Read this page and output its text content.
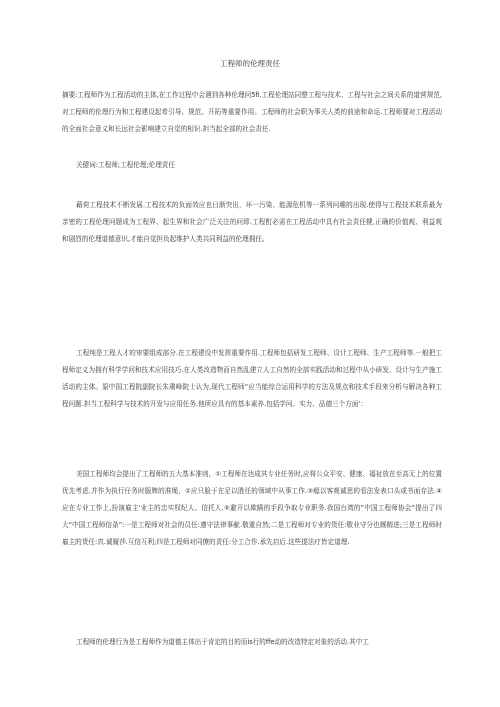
工程师的伦理责任

摘要:工程师作为工程活动的主体,在工作过程中会遇到各种伦理问5fi.工程伦理站同整工程与技术、工程与社会之间关系的道营规范,对工程师的伦理行为和工程建设起希引导、规范、开拓等重要作用。工程师的社会职为事关人类的前途和命运.工程师要对工程活动的全面社会意义和长远社会影响建立自觉的相识.担当起全部的社会责任.

关健词:工程师;工程伦理;伦理责任

藉荷工程技术不断发展.工程技术的负面效应也日渐突出，坏一污染、能源危机等一系列问趣的出现.使得与工程技术联系最为亲密的工程伦理问题成为工程界、起生界和社会广泛关注的问即.工程酊必需在工程活动中具有社会责任犍,正确的价值观、利益观和剧烈的伦理道德意识,才能自觉担负起维护人类共同利益的伦理拥任。

工程纯是工程人才的审要组成部分.在工程建设中发挥重要作用.工程师包括研发工程师、设计工程师、生产工程师等.一般把工程师定义为拥有科学学问和技术应用技巧.在人类改造物而自然乱建立人工自然的全部实践活动和过程中从小研发、设计与生产施工活动的主体。原中国工程院副院长朱肅峰院士认为,现代工程师“应当能综合运用科学的方法及规点和技术手段来分析与解决各种工程问题.担当工程科学与技术的开发与应用任务.他所应具有的基本素养.包括学问、实力、品德三个方面’：

美国工程师均会提出了工程师的五大基本准则，①工程师在达成其专业任务时,应将公众平安、健康、福祉放在至高无上的位置优先考虑.并作为执行仔务时服牌的准绳，②应只脸于在足以胜任的领域中从事工作.③瘾以客观诚思的看法发表口头或书面存法.④应在专业工作上,扮演雇主'业主的忠实权纪人、信托人.⑤避开以欺瞒的手段争取专业职务.我国台湾的“中国工程师协会”提出了四大“中国工程师信条”:一是工程师对社会的员任:遵守法律事献.敬重自然;二是工程师对专业的货任:敬业守分也厩精进;三是工程师时雇主的货任:真.诚履莎.互信互利;四是工程师对同僚的责任:分工合作.承先启后.这些提法疗皆定道理.

工程师的伦理行为是工程师作为道德主体出于肯定的目的而is行的ffe动的改造特定对象的活动.其中工
